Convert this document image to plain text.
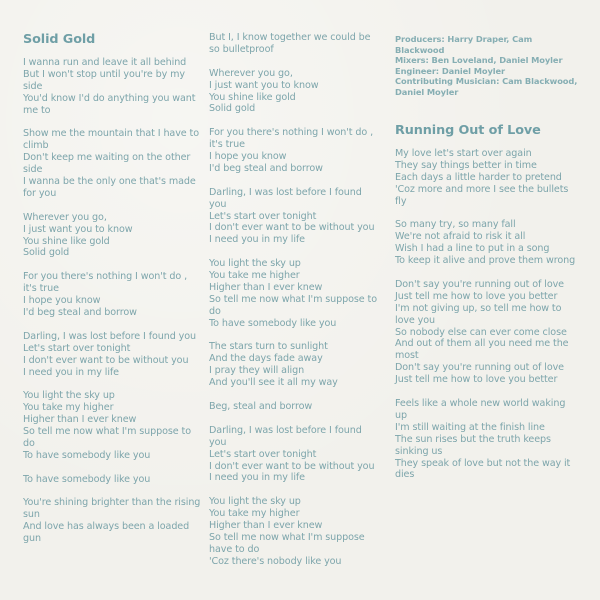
Solid Gold
I wanna run and leave it all behind
But I won't stop until you're by my side
You'd know I'd do anything you want me to
Show me the mountain that I have to climb
Don't keep me waiting on the other side
I wanna be the only one that's made for you
Wherever you go,
I just want you to know
You shine like gold
Solid gold
For you there's nothing I won't do , it's true
I hope you know
I'd beg steal and borrow
Darling, I was lost before I found you
Let's start over tonight
I don't ever want to be without you
I need you in my life
You light the sky up
You take my higher
Higher than I ever knew
So tell me now what I'm suppose to do
To have somebody like you
To have somebody like you
You're shining brighter than the rising sun
And love has always been a loaded gun
But I, I know together we could be so bulletproof
Wherever you go,
I just want you to know
You shine like gold
Solid gold
For you there's nothing I won't do , it's true
I hope you know
I'd beg steal and borrow
Darling, I was lost before I found you
Let's start over tonight
I don't ever want to be without you
I need you in my life
You light the sky up
You take me higher
Higher than I ever knew
So tell me now what I'm suppose to do
To have somebody like you
The stars turn to sunlight
And the days fade away
I pray they will align
And you'll see it all my way
Beg, steal and borrow
Darling, I was lost before I found you
Let's start over tonight
I don't ever want to be without you
I need you in my life
You light the sky up
You take my higher
Higher than I ever knew
So tell me now what I'm suppose have to do
'Coz there's nobody like you
Producers: Harry Draper, Cam Blackwood
Mixers: Ben Loveland, Daniel Moyler
Engineer: Daniel Moyler
Contributing Musician: Cam Blackwood, Daniel Moyler
Running Out of Love
My love let's start over again
They say things better in time
Each days a little harder to pretend
'Coz more and more I see the bullets fly
So many try, so many fall
We're not afraid to risk it all
Wish I had a line to put in a song
To keep it alive and prove them wrong
Don't say you're running out of love
Just tell me how to love you better
I'm not giving up, so tell me how to love you
So nobody else can ever come close
And out of them all you need me the most
Don't say you're running out of love
Just tell me how to love you better
Feels like a whole new world waking up
I'm still waiting at the finish line
The sun rises but the truth keeps sinking us
They speak of love but not the way it dies
